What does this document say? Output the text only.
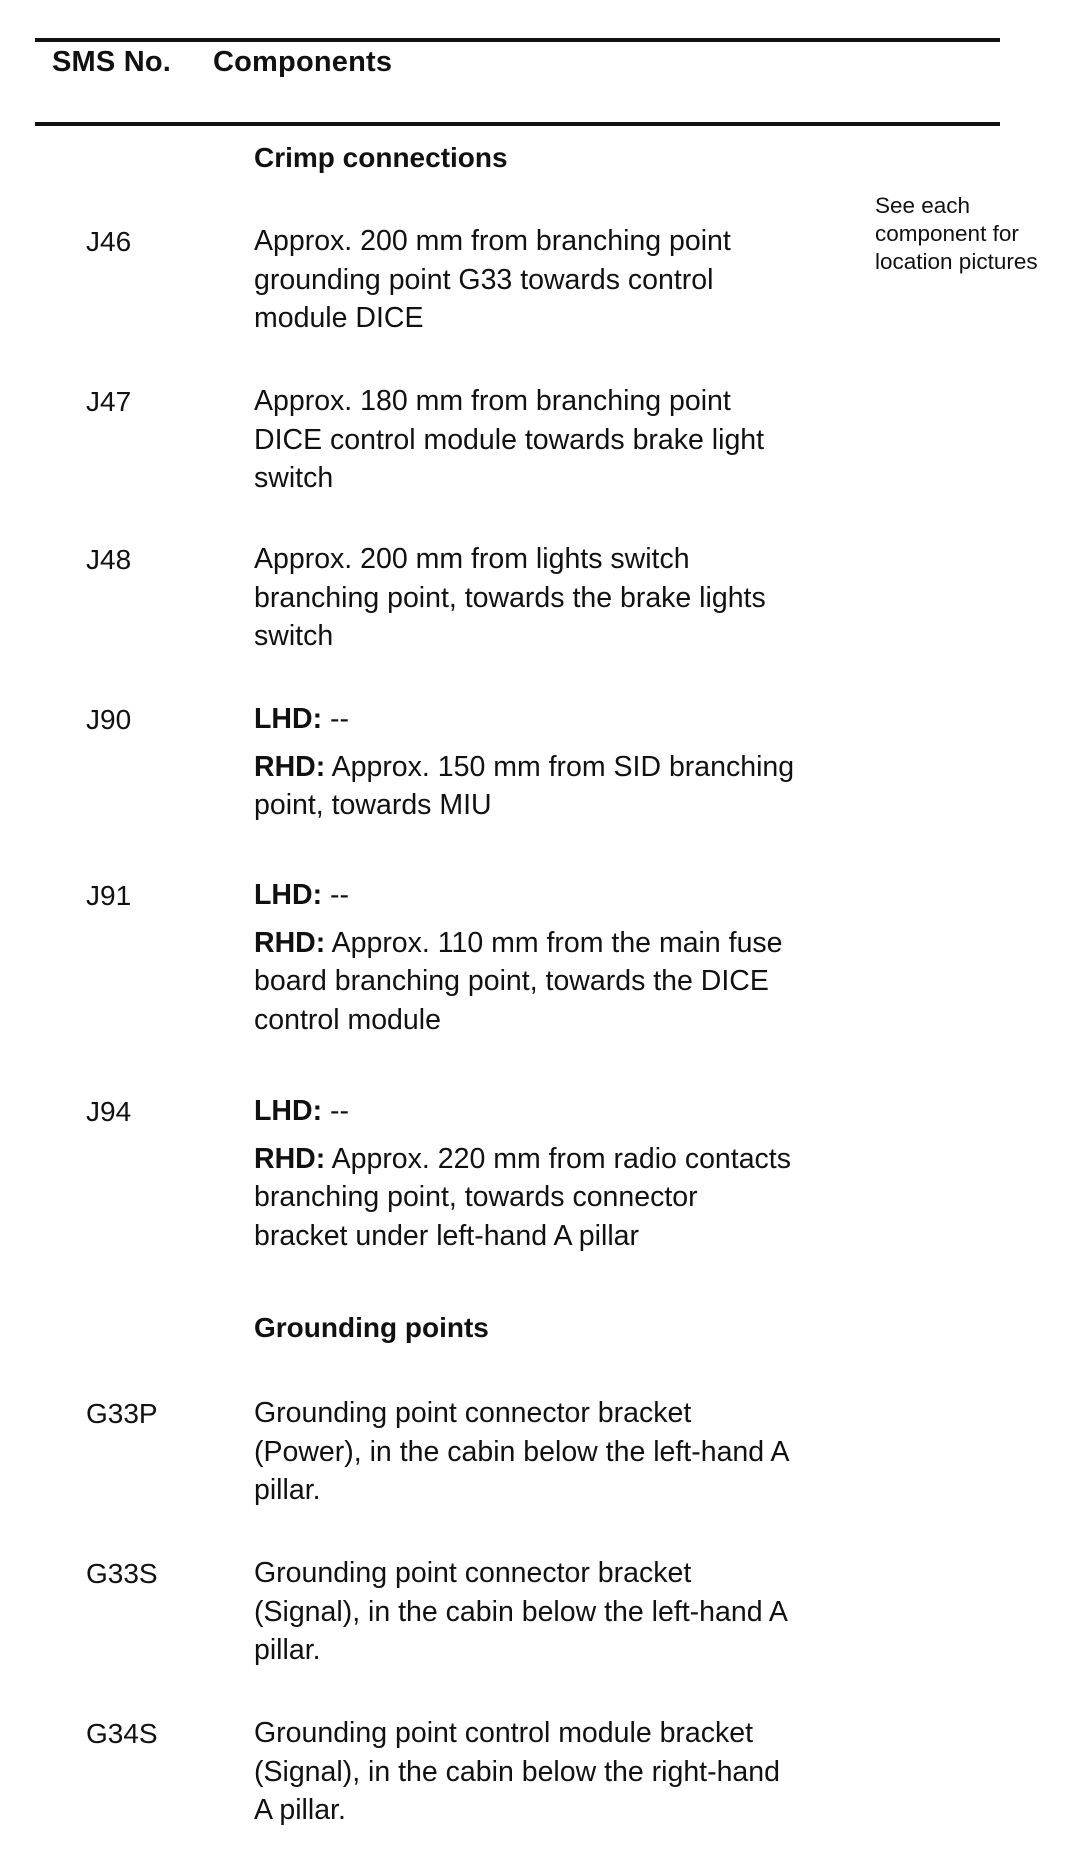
SMS No. Components
Crimp connections
See each
component for
location pictures
J46	Approx. 200 mm from branching point
grounding point G33 towards control
module DICE
J47	Approx. 180 mm from branching point
DICE control module towards brake light
switch
J48	Approx. 200 mm from lights switch
branching point, towards the brake lights
switch
J90	LHD: --
RHD: Approx. 150 mm from SID branching
point, towards MIU
J91	LHD: --
RHD: Approx. 110 mm from the main fuse
board branching point, towards the DICE
control module
J94	LHD: --
RHD: Approx. 220 mm from radio contacts
branching point, towards connector
bracket under left-hand A pillar
Grounding points
G33P	Grounding point connector bracket
(Power), in the cabin below the left-hand A
pillar.
G33S	Grounding point connector bracket
(Signal), in the cabin below the left-hand A
pillar.
G34S	Grounding point control module bracket
(Signal), in the cabin below the right-hand
A pillar.
